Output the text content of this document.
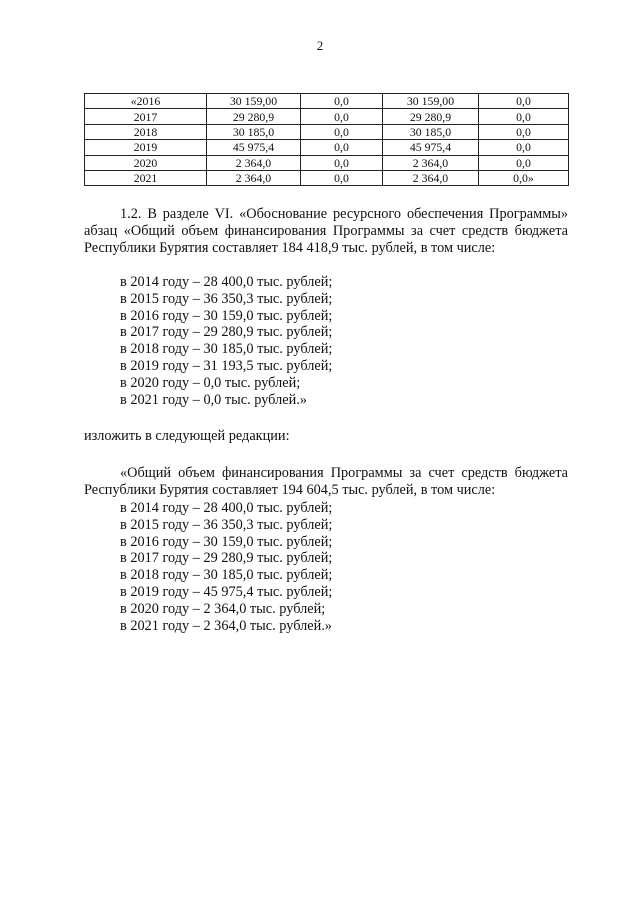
2
«2016	30 159,00	0,0	30 159,00	0,0
2017	29 280,9	0,0	29 280,9	0,0
2018	30 185,0	0,0	30 185,0	0,0
2019	45 975,4	0,0	45 975,4	0,0
2020	2 364,0	0,0	2 364,0	0,0
2021	2 364,0	0,0	2 364,0	0,0»
1.2. В разделе VI. «Обоснование ресурсного обеспечения Программы» абзац «Общий объем финансирования Программы за счет средств бюджета Республики Бурятия составляет 184 418,9 тыс. рублей, в том числе:
в 2014 году – 28 400,0 тыс. рублей;
в 2015 году – 36 350,3 тыс. рублей;
в 2016 году – 30 159,0 тыс. рублей;
в 2017 году – 29 280,9 тыс. рублей;
в 2018 году – 30 185,0 тыс. рублей;
в 2019 году – 31 193,5 тыс. рублей;
в 2020 году – 0,0 тыс. рублей;
в 2021 году – 0,0 тыс. рублей.»
изложить в следующей редакции:
«Общий объем финансирования Программы за счет средств бюджета Республики Бурятия составляет 194 604,5 тыс. рублей, в том числе:
в 2014 году – 28 400,0 тыс. рублей;
в 2015 году – 36 350,3 тыс. рублей;
в 2016 году – 30 159,0 тыс. рублей;
в 2017 году – 29 280,9 тыс. рублей;
в 2018 году – 30 185,0 тыс. рублей;
в 2019 году – 45 975,4 тыс. рублей;
в 2020 году – 2 364,0 тыс. рублей;
в 2021 году – 2 364,0 тыс. рублей.»
